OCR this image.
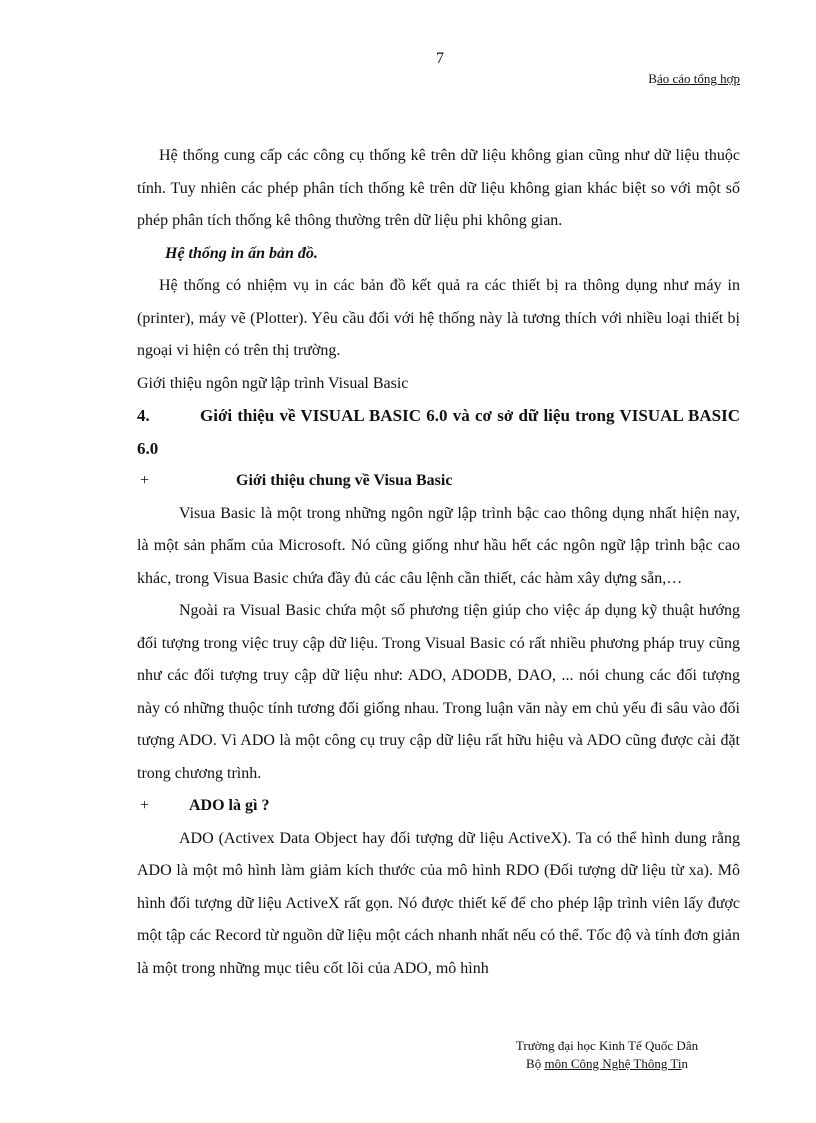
7
Báo cáo tổng hợp

Hệ thống cung cấp các công cụ thống kê trên dữ liệu không gian cũng như dữ liệu thuộc tính. Tuy nhiên các phép phân tích thống kê trên dữ liệu không gian khác biệt so với một số phép phân tích thống kê thông thường trên dữ liệu phi không gian.

Hệ thống in ấn bản đồ.

Hệ thống có nhiệm vụ in các bản đồ kết quả ra các thiết bị ra thông dụng như máy in (printer), máy vẽ (Plotter). Yêu cầu đối với hệ thống này là tương thích với nhiều loại thiết bị ngoại vi hiện có trên thị trường.

Giới thiệu ngôn ngữ lập trình Visual Basic

4.	Giới thiệu về VISUAL BASIC 6.0 và cơ sở dữ liệu trong VISUAL BASIC 6.0

+	Giới thiệu chung về Visua Basic

Visua Basic là một trong những ngôn ngữ lập trình bậc cao thông dụng nhất hiện nay, là một sản phẩm của Microsoft. Nó cũng giống như hầu hết các ngôn ngữ lập trình bậc cao khác, trong Visua Basic chứa đầy đủ các câu lệnh cần thiết, các hàm xây dựng sẵn,…

Ngoài ra Visual Basic chứa một số phương tiện giúp cho việc áp dụng kỹ thuật hướng đối tượng trong việc truy cập dữ liệu. Trong Visual Basic có rất nhiều phương pháp truy cũng như các đối tượng truy cập dữ liệu như: ADO, ADODB, DAO, ... nói chung các đối tượng này có những thuộc tính tương đối giống nhau. Trong luận văn này em chủ yếu đi sâu vào đối tượng ADO. Vì ADO là một công cụ truy cập dữ liệu rất hữu hiệu và ADO cũng được cài đặt trong chương trình.

+ ADO là gì ?

ADO (Activex Data Object hay đối tượng dữ liệu ActiveX). Ta có thể hình dung rằng ADO là một mô hình làm giảm kích thước của mô hình RDO (Đối tượng dữ liệu từ xa). Mô hình đối tượng dữ liệu ActiveX rất gọn. Nó được thiết kế để cho phép lập trình viên lấy được một tập các Record từ nguồn dữ liệu một cách nhanh nhất nếu có thể. Tốc độ và tính đơn giản là một trong những mục tiêu cốt lõi của ADO, mô hình

Trường đại học Kinh Tế Quốc Dân
Bộ môn Công Nghệ Thông Tin
